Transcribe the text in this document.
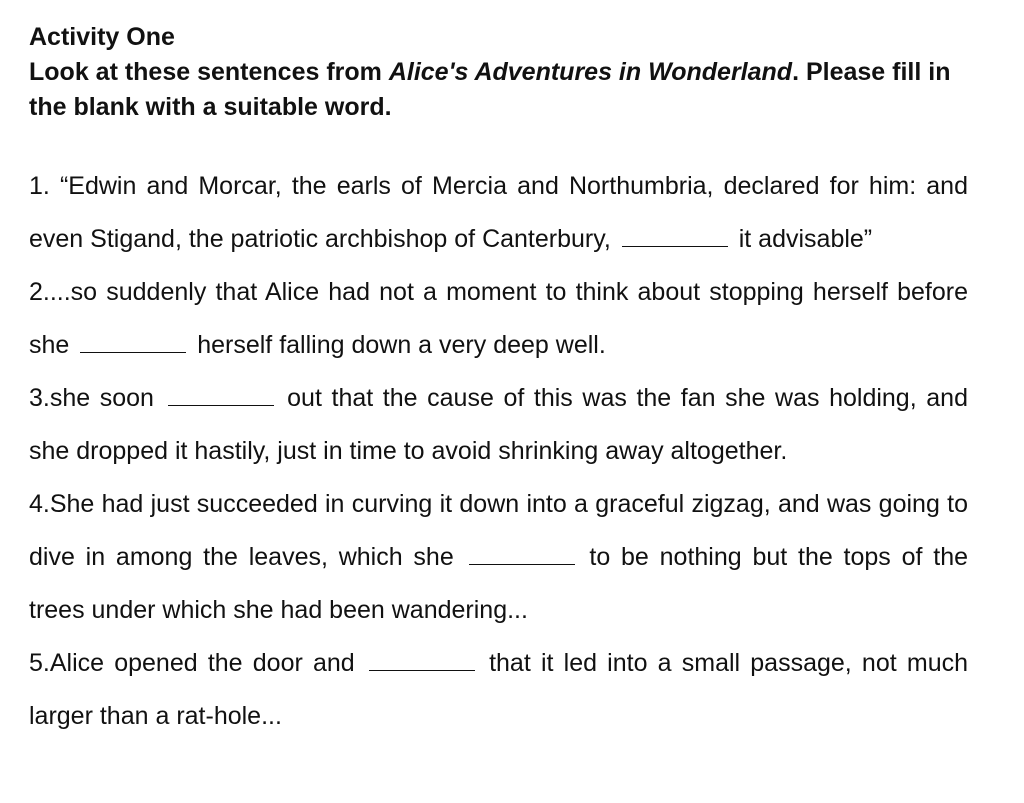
Activity One
Look at these sentences from Alice's Adventures in Wonderland. Please fill in the blank with a suitable word.

1. “Edwin and Morcar, the earls of Mercia and Northumbria, declared for him: and even Stigand, the patriotic archbishop of Canterbury,	it advisable”

2....so suddenly that Alice had not a moment to think about stopping herself before she	herself falling down a very deep well.

3.she soon	out that the cause of this was the fan she was holding, and she dropped it hastily, just in time to avoid shrinking away altogether.

4.She had just succeeded in curving it down into a graceful zigzag, and was going to dive in among the leaves, which she	to be nothing but the tops of the trees under which she had been wandering...

5.Alice opened the door and	that it led into a small passage, not much larger than a rat-hole...
